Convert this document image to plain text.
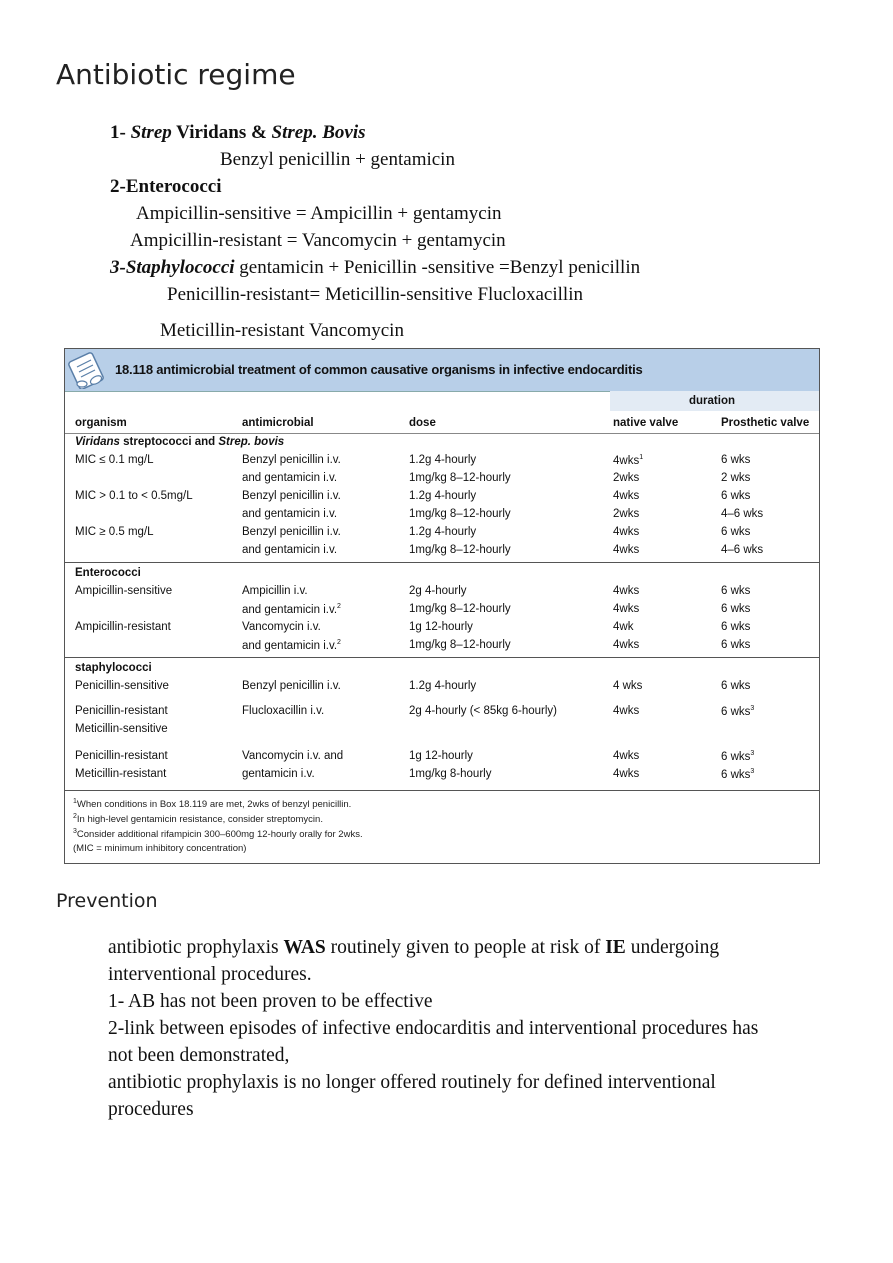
Antibiotic regime
1- Strep Viridans & Strep. Bovis
Benzyl penicillin + gentamicin
2-Enterococci
Ampicillin-sensitive = Ampicillin + gentamycin
Ampicillin-resistant = Vancomycin + gentamycin
3-Staphylococci gentamicin + Penicillin -sensitive =Benzyl penicillin
Penicillin-resistant= Meticillin-sensitive Flucloxacillin
Meticillin-resistant Vancomycin
18.118 antimicrobial treatment of common causative organisms in infective endocarditis
duration
organism	antimicrobial	dose	native valve	Prosthetic valve
Viridans streptococci and Strep. bovis
MIC ≤ 0.1 mg/L	Benzyl penicillin i.v.	1.2g 4-hourly	4wks$^1$	6 wks
and gentamicin i.v.	1mg/kg 8–12-hourly	2wks	2 wks
MIC > 0.1 to < 0.5mg/L	Benzyl penicillin i.v.	1.2g 4-hourly	4wks	6 wks
and gentamicin i.v.	1mg/kg 8–12-hourly	2wks	4–6 wks
MIC ≥ 0.5 mg/L	Benzyl penicillin i.v.	1.2g 4-hourly	4wks	6 wks
and gentamicin i.v.	1mg/kg 8–12-hourly	4wks	4–6 wks
Enterococci
Ampicillin-sensitive	Ampicillin i.v.	2g 4-hourly	4wks	6 wks
and gentamicin i.v.$^2$	1mg/kg 8–12-hourly	4wks	6 wks
Ampicillin-resistant	Vancomycin i.v.	1g 12-hourly	4wk	6 wks
and gentamicin i.v.$^2$	1mg/kg 8–12-hourly	4wks	6 wks
staphylococci
Penicillin-sensitive	Benzyl penicillin i.v.	1.2g 4-hourly	4 wks	6 wks
Penicillin-resistant	Flucloxacillin i.v.	2g 4-hourly (< 85kg 6-hourly)	4wks	6 wks$^3$
Meticillin-sensitive
Penicillin-resistant	Vancomycin i.v. and	1g 12-hourly	4wks	6 wks$^3$
Meticillin-resistant	gentamicin i.v.	1mg/kg 8-hourly	4wks	6 wks$^3$
$^1$When conditions in Box 18.119 are met, 2wks of benzyl penicillin.
$^2$In high-level gentamicin resistance, consider streptomycin.
$^3$Consider additional rifampicin 300–600mg 12-hourly orally for 2wks.
(MIC = minimum inhibitory concentration)
Prevention
antibiotic prophylaxis WAS routinely given to people at risk of IE undergoing
interventional procedures.
1- AB has not been proven to be effective
2-link between episodes of infective endocarditis and interventional procedures has
not been demonstrated,
antibiotic prophylaxis is no longer offered routinely for defined interventional
procedures
